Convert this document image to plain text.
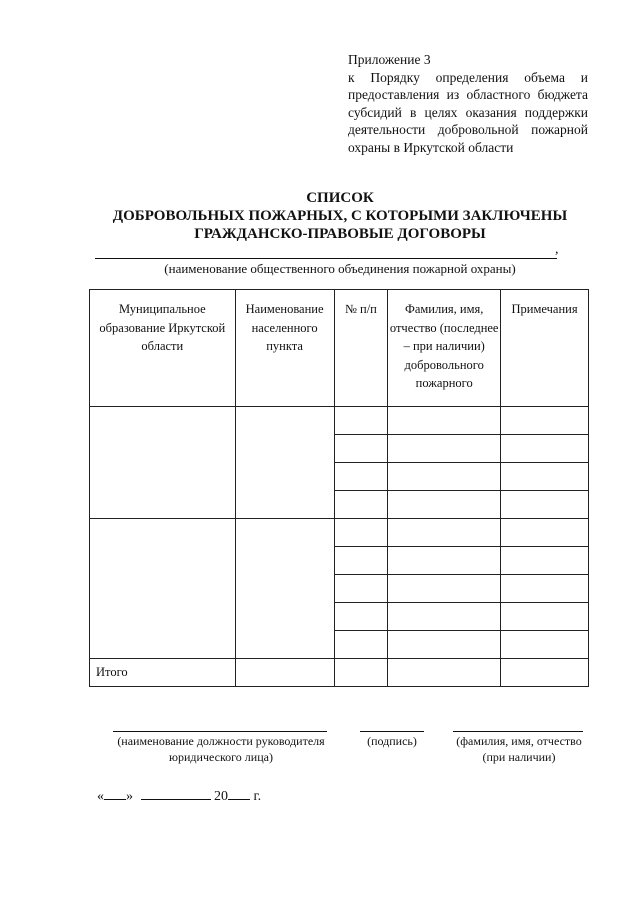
Приложение 3
к Порядку определения объема и предоставления из областного бюджета субсидий в целях оказания поддержки деятельности добровольной пожарной охраны в Иркутской области
СПИСОК
ДОБРОВОЛЬНЫХ ПОЖАРНЫХ, С КОТОРЫМИ ЗАКЛЮЧЕНЫ
ГРАЖДАНСКО-ПРАВОВЫЕ ДОГОВОРЫ
,
(наименование общественного объединения пожарной охраны)
Муниципальное образование Иркутской области	Наименование населенного пункта	№ п/п	Фамилия, имя, отчество (последнее – при наличии) добровольного пожарного	Примечания

Итого				
(наименование должности руководителя юридического лица)
(подпись)	(фамилия, имя, отчество (при наличии)
« »	20 г.
